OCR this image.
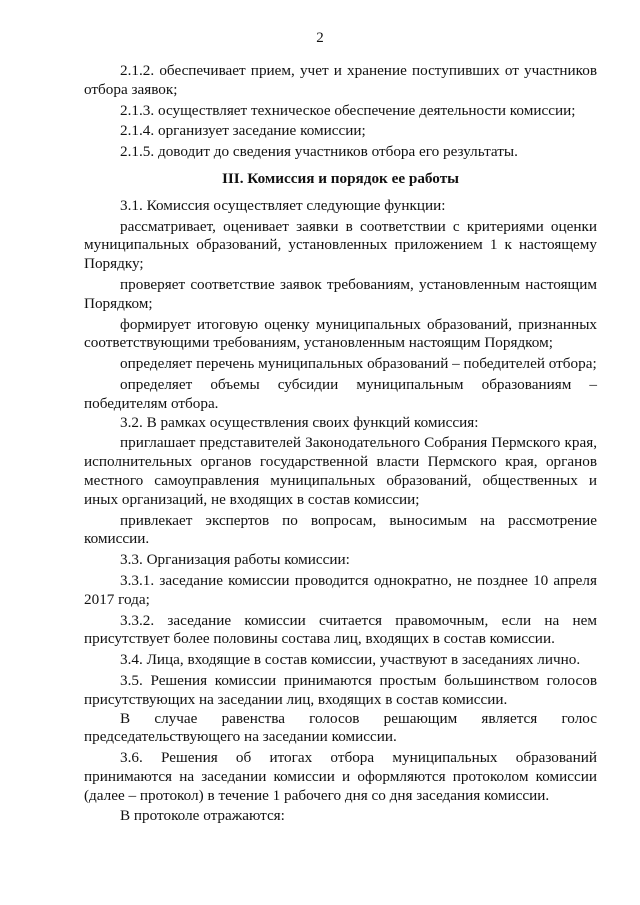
2

2.1.2. обеспечивает прием, учет и хранение поступивших от участников отбора заявок;

2.1.3. осуществляет техническое обеспечение деятельности комиссии;

2.1.4. организует заседание комиссии;

2.1.5. доводит до сведения участников отбора его результаты.

III. Комиссия и порядок ее работы

3.1. Комиссия осуществляет следующие функции:

рассматривает, оценивает заявки в соответствии с критериями оценки муниципальных образований, установленных приложением 1 к настоящему Порядку;

проверяет соответствие заявок требованиям, установленным настоящим Порядком;

формирует итоговую оценку муниципальных образований, признанных соответствующими требованиям, установленным настоящим Порядком;

определяет перечень муниципальных образований – победителей отбора;

определяет объемы субсидии муниципальным образованиям – победителям отбора.

3.2. В рамках осуществления своих функций комиссия:

приглашает представителей Законодательного Собрания Пермского края, исполнительных органов государственной власти Пермского края, органов местного самоуправления муниципальных образований, общественных и иных организаций, не входящих в состав комиссии;

привлекает экспертов по вопросам, выносимым на рассмотрение комиссии.

3.3. Организация работы комиссии:

3.3.1. заседание комиссии проводится однократно, не позднее 10 апреля 2017 года;

3.3.2. заседание комиссии считается правомочным, если на нем присутствует более половины состава лиц, входящих в состав комиссии.

3.4. Лица, входящие в состав комиссии, участвуют в заседаниях лично.

3.5. Решения комиссии принимаются простым большинством голосов присутствующих на заседании лиц, входящих в состав комиссии.

В случае равенства голосов решающим является голос председательствующего на заседании комиссии.

3.6. Решения об итогах отбора муниципальных образований принимаются на заседании комиссии и оформляются протоколом комиссии (далее – протокол) в течение 1 рабочего дня со дня заседания комиссии.

В протоколе отражаются:
